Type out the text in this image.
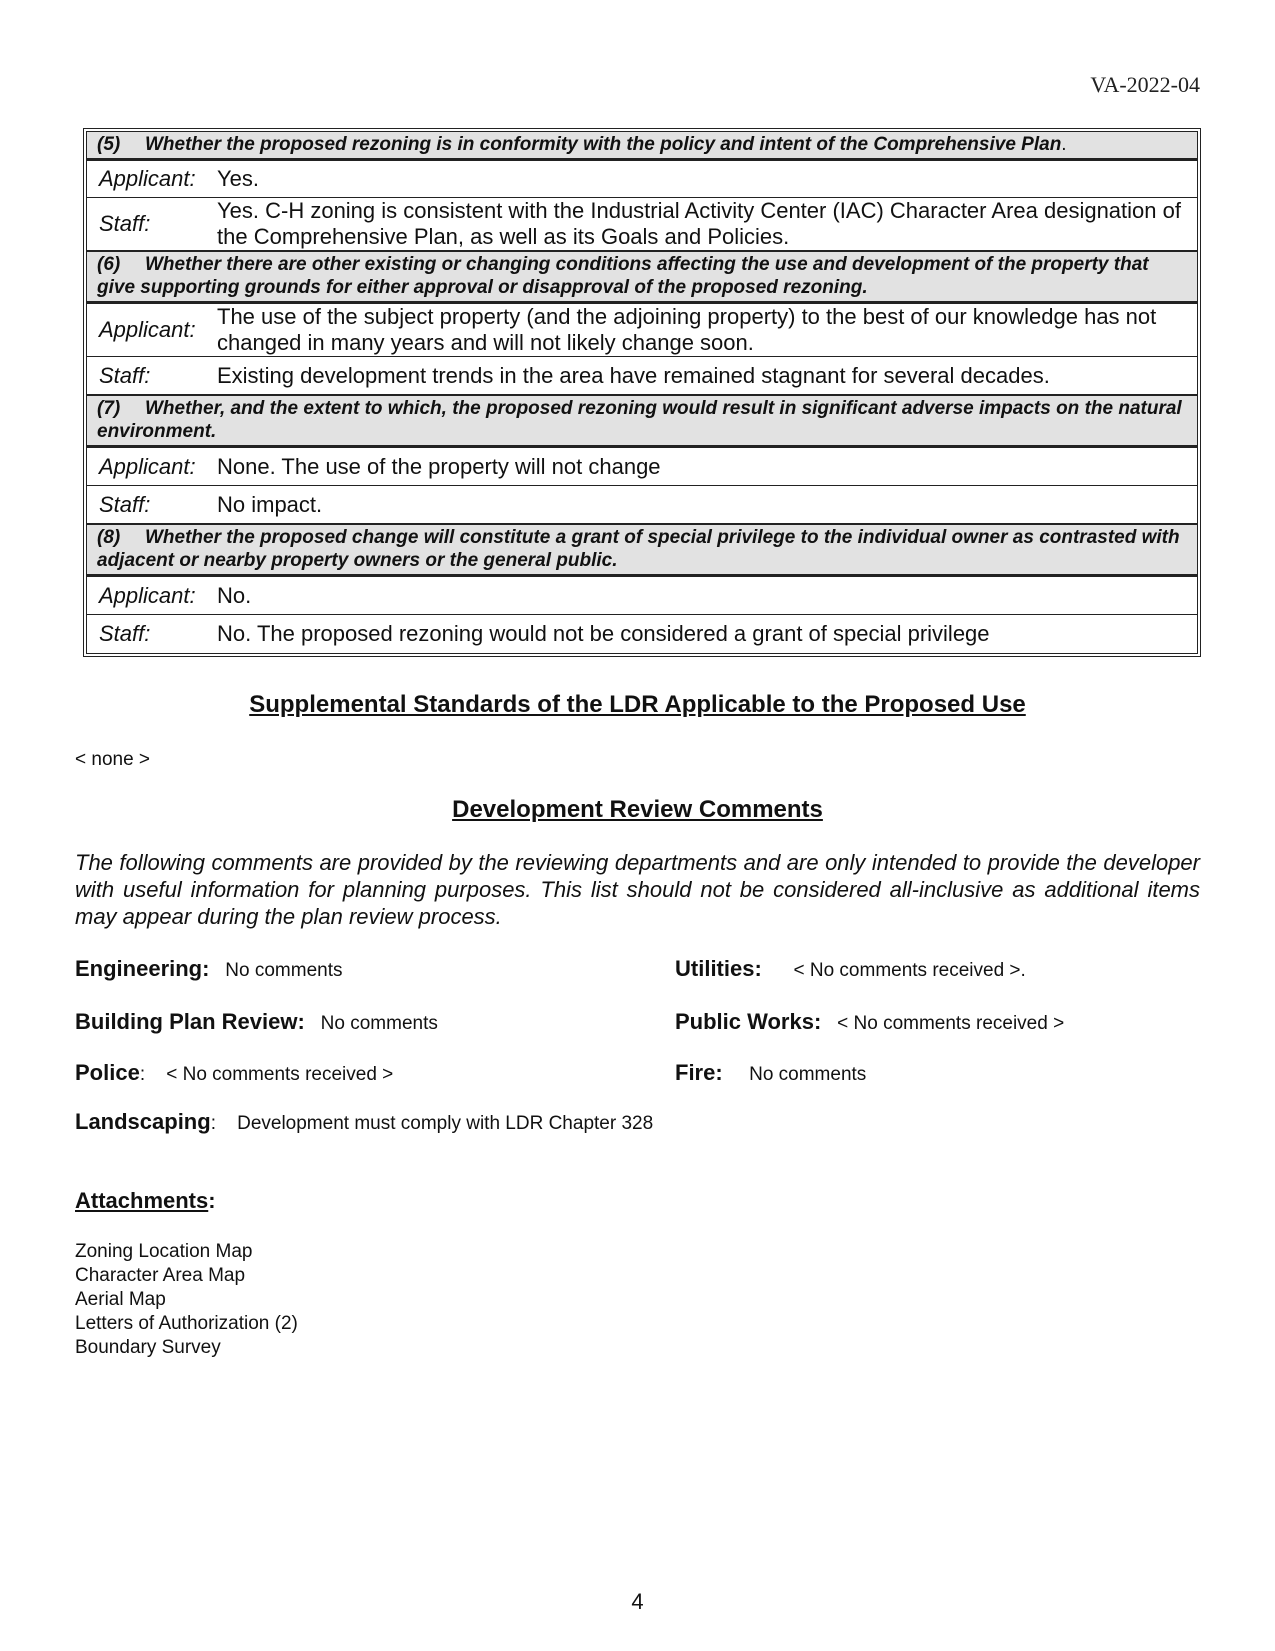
VA-2022-04
(5) Whether the proposed rezoning is in conformity with the policy and intent of the Comprehensive Plan.	
Applicant:	Yes.
Staff:	Yes. C-H zoning is consistent with the Industrial Activity Center (IAC) Character Area designation of the Comprehensive Plan, as well as its Goals and Policies.
(6) Whether there are other existing or changing conditions affecting the use and development of the property that give supporting grounds for either approval or disapproval of the proposed rezoning.	
Applicant:	The use of the subject property (and the adjoining property) to the best of our knowledge has not changed in many years and will not likely change soon.
Staff:	Existing development trends in the area have remained stagnant for several decades.
(7) Whether, and the extent to which, the proposed rezoning would result in significant adverse impacts on the natural environment.	
Applicant:	None. The use of the property will not change
Staff:	No impact.
(8) Whether the proposed change will constitute a grant of special privilege to the individual owner as contrasted with adjacent or nearby property owners or the general public.	
Applicant:	No.
Staff:	No. The proposed rezoning would not be considered a grant of special privilege
Supplemental Standards of the LDR Applicable to the Proposed Use
< none >
Development Review Comments
The following comments are provided by the reviewing departments and are only intended to provide the developer with useful information for planning purposes. This list should not be considered all-inclusive as additional items may appear during the plan review process.
Engineering: No comments	Utilities: < No comments received >.
Building Plan Review: No comments	Public Works: < No comments received >
Police:    < No comments received >	Fire: No comments
Landscaping:    Development must comply with LDR Chapter 328
Attachments:
Zoning Location Map
Character Area Map
Aerial Map
Letters of Authorization (2)
Boundary Survey
4
